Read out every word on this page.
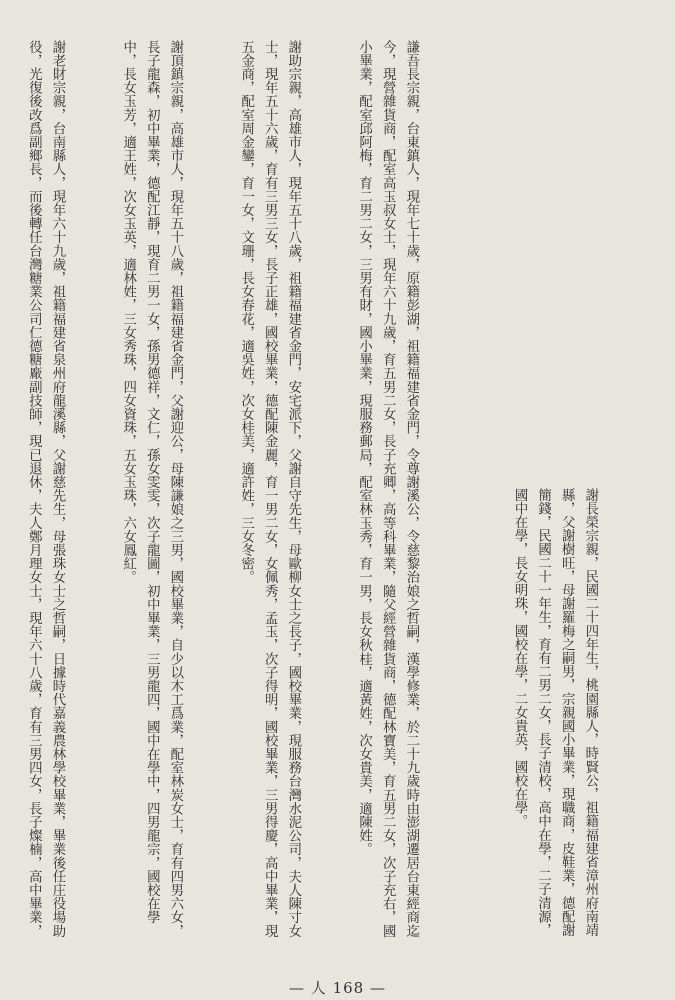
謙吾長宗親，台東鎮人，現年七十歲，原籍彭湖，祖籍福建省金門，令尊謝溪公，令慈黎治娘之哲嗣，漢學修業，於二十九歲時由澎湖遷居台東經商迄今，現營雜貨商，配室高玉叔女士，現年六十九歲，育五男二女，長子充卿，高等科畢業，隨父經營雜貨商，德配林寶美，育五男二女，次子充右，國小畢業，配室邱阿梅，育二男二女，三男有財，國小畢業，現服務郵局，配室林玉秀，育一男，長女秋桂，適黃姓，次女貴美，適陳姓。

謝助宗親，高雄市人，現年五十八歲，祖籍福建省金門，安宅派下，父謝自守先生，母歐柳女士之長子，國校畢業，現服務台灣水泥公司，夫人陳寸女士，現年五十六歲，育有三男三女，長子正雄，國校畢業，德配陳金麗，育一男二女，女佩秀，孟玉，次子得明，國校畢業，三男得慶，高中畢業，現五金商，配室周金鑾，育一女，文珊，長女春花，適吳姓，次女桂美，適許姓，三女冬密。

謝頂鎮宗親，高雄市人，現年五十八歲，祖籍福建省金門，父謝迎公，母陳謙娘之三男，國校畢業，自少以木工爲業，配室林炭女士，育有四男六女，長子龍森，初中畢業，德配江靜，現育二男一女，孫男德祥，文仁，孫女雯雯，次子龍圖，初中畢業，三男龍四，國中在學中，四男龍宗，國校在學中，長女玉芳，適王姓，次女玉英，適林姓，三女秀珠，四女資珠，五女玉珠，六女鳳紅。

謝老財宗親，台南縣人，現年六十九歲，祖籍福建省泉州府龍溪縣，父謝慈先生，母張珠女士之哲嗣，日據時代嘉義農林學校畢業，畢業後任庄役場助役，光復後改爲副鄉長，而後轉任台灣糖業公司仁德糖廠副技師，現已退休，夫人鄭月理女士，現年六十八歲，育有三男四女，長子燦楠，高中畢業，

	謝長榮宗親，民國二十四年生，桃園縣人，時賢公，祖籍福建省漳州府南靖縣，父謝樹旺，母謝羅梅之嗣男，宗親國小畢業，現職商，皮鞋業，德配謝簡錢，民國二十一年生，育有二男二女，長子清校，高中在學，二子清源，國中在學，長女明珠，國校在學，二女貴英，國校在學。

— 人 168 —
